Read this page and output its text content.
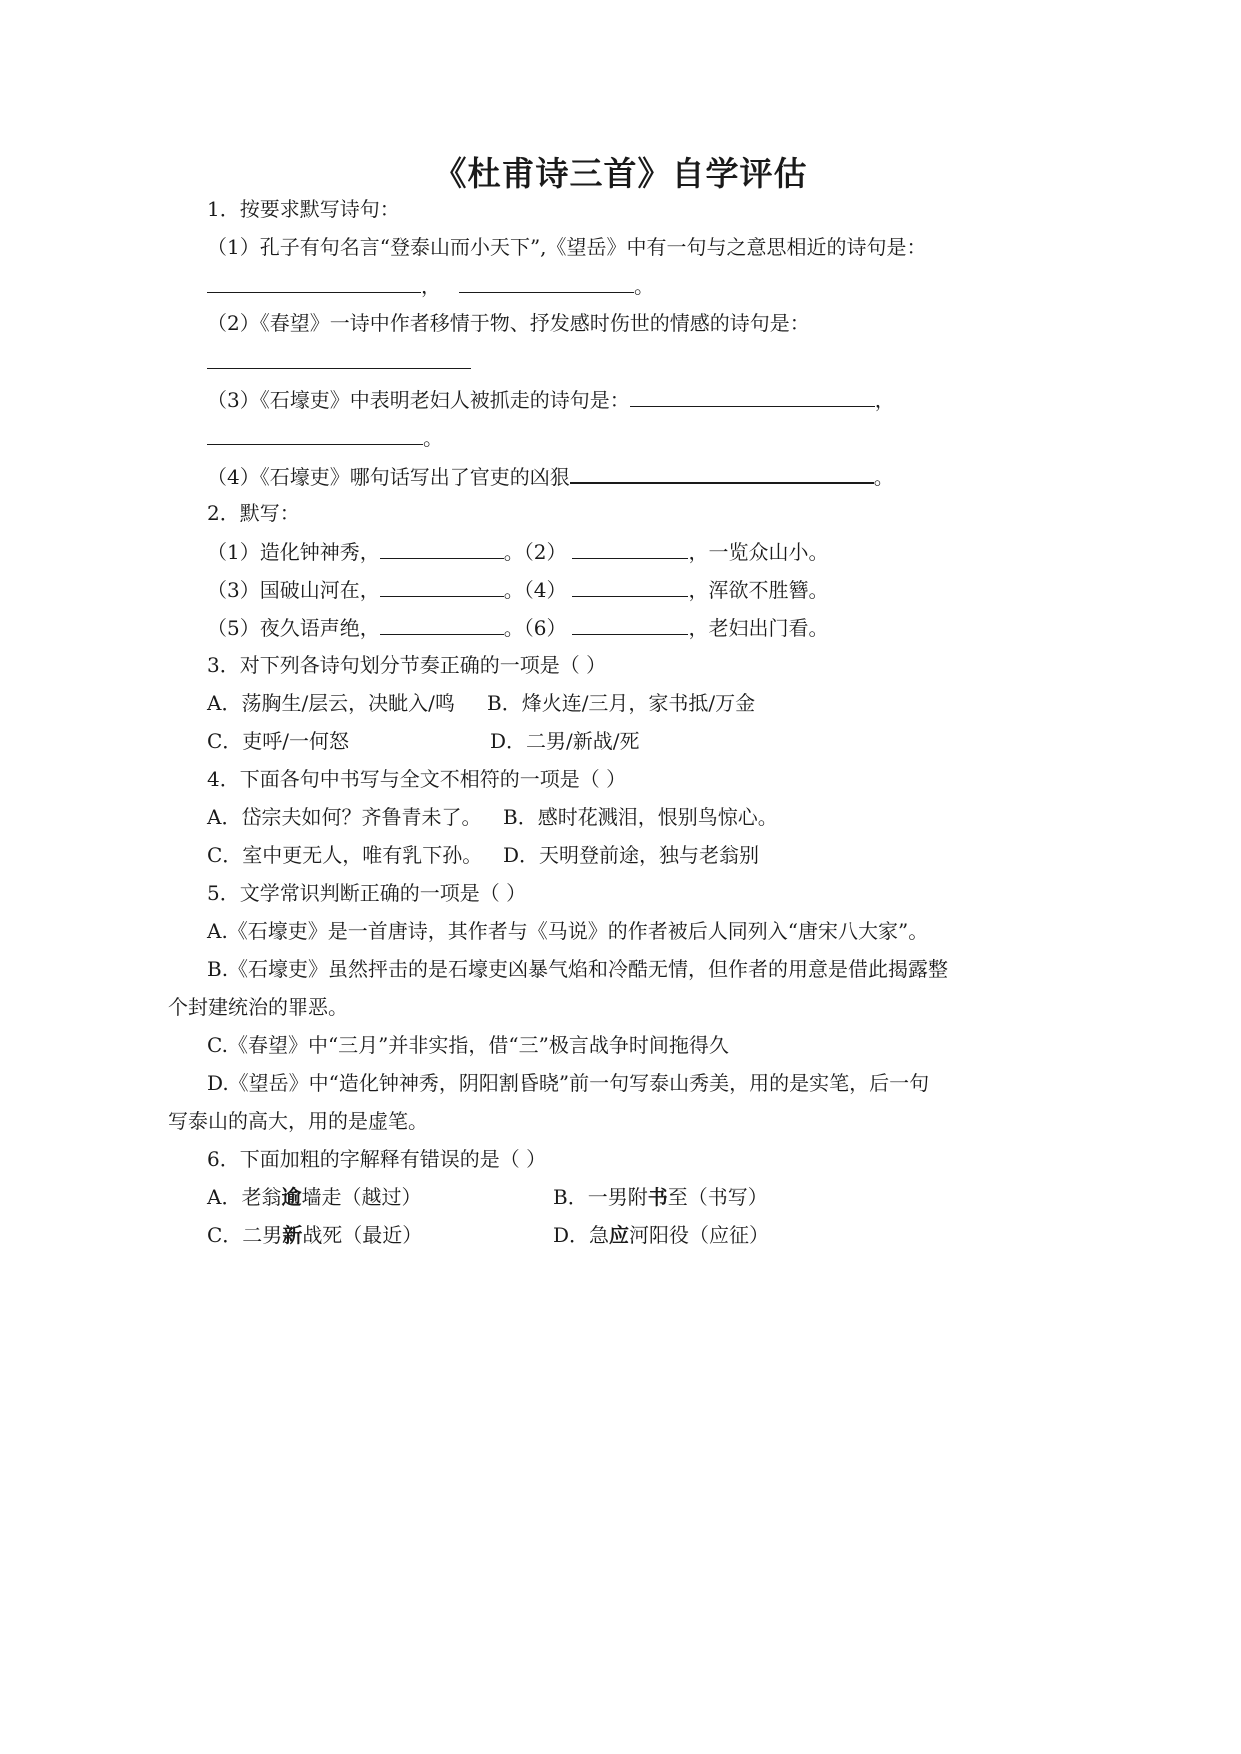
《杜甫诗三首》自学评估
1．按要求默写诗句：
（1）孔子有句名言“登泰山而小天下”,《望岳》中有一句与之意思相近的诗句是：
，	。
（2）《春望》一诗中作者移情于物、抒发感时伤世的情感的诗句是：
（3）《石壕吏》中表明老妇人被抓走的诗句是：	，
。
（4）《石壕吏》哪句话写出了官吏的凶狠	。
2．默写：
（1）造化钟神秀，	。（2）	，一览众山小。
（3）国破山河在，	。（4）	，浑欲不胜簪。
（5）夜久语声绝，	。（6）	，老妇出门看。
3．对下列各诗句划分节奏正确的一项是（ ）
A．荡胸生/层云，决眦入/鸣 B．烽火连/三月，家书抵/万金
C．吏呼/一何怒	D．二男/新战/死
4．下面各句中书写与全文不相符的一项是（ ）
A．岱宗夫如何？齐鲁青未了。 B．感时花溅泪，恨别鸟惊心。
C．室中更无人，唯有乳下孙。 D．天明登前途，独与老翁别
5．文学常识判断正确的一项是（ ）
A.《石壕吏》是一首唐诗，其作者与《马说》的作者被后人同列入“唐宋八大家”。
B.《石壕吏》虽然抨击的是石壕吏凶暴气焰和冷酷无情，但作者的用意是借此揭露整
个封建统治的罪恶。
C.《春望》中“三月”并非实指，借“三”极言战争时间拖得久
D.《望岳》中“造化钟神秀，阴阳割昏晓”前一句写泰山秀美，用的是实笔，后一句
写泰山的高大，用的是虚笔。
6．下面加粗的字解释有错误的是（ ）
A．老翁逾墙走（越过）	B．一男附书至（书写）
C．二男新战死（最近）	D．急应河阳役（应征）
